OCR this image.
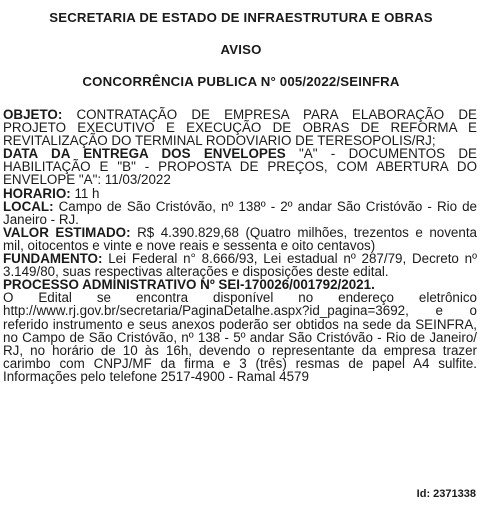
SECRETARIA DE ESTADO DE INFRAESTRUTURA E OBRAS
AVISO
CONCORRÊNCIA PUBLICA N° 005/2022/SEINFRA

OBJETO: CONTRATAÇÃO DE EMPRESA PARA ELABORAÇÃO DE PROJETO EXECUTIVO E EXECUÇÃO DE OBRAS DE REFORMA E REVITALIZAÇÃO DO TERMINAL RODOVIARIO DE TERESOPOLIS/RJ;

DATA DA ENTREGA DOS ENVELOPES "A" - DOCUMENTOS DE HABILITAÇÃO E "B" - PROPOSTA DE PREÇOS, COM ABERTURA DO ENVELOPE "A": 11/03/2022

HORARIO: 11 h

LOCAL: Campo de São Cristóvão, nº 138º - 2º andar São Cristóvão - Rio de Janeiro - RJ.

VALOR ESTIMADO: R$ 4.390.829,68 (Quatro milhões, trezentos e noventa mil, oitocentos e vinte e nove reais e sessenta e oito centavos)

FUNDAMENTO: Lei Federal n° 8.666/93, Lei estadual nº 287/79, Decreto nº 3.149/80, suas respectivas alterações e disposições deste edital.

PROCESSO ADMINISTRATIVO Nº SEI-170026/001792/2021.

O Edital se encontra disponível no endereço eletrônico http://www.rj.gov.br/secretaria/PaginaDetalhe.aspx?id_pagina=3692, e o referido instrumento e seus anexos poderão ser obtidos na sede da SEINFRA, no Campo de São Cristóvão, nº 138 - 5º andar São Cristóvão - Rio de Janeiro/ RJ, no horário de 10 às 16h, devendo o representante da empresa trazer carimbo com CNPJ/MF da firma e 3 (três) resmas de papel A4 sulfite. Informações pelo telefone 2517-4900 - Ramal 4579

Id: 2371338
